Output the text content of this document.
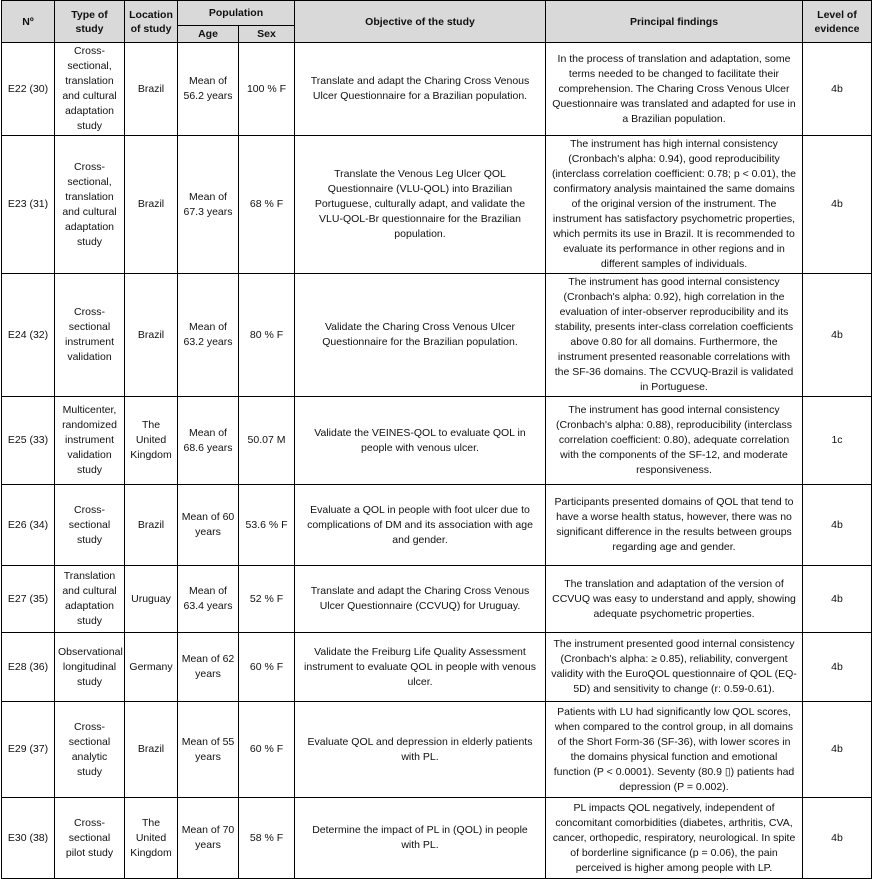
Nº	Type of study	Location of study	Population		Objective of the study	Principal findings	Level of evidence
			Age	Sex			
E22 (30)	Cross-sectional, translation and cultural adaptation study	Brazil	Mean of 56.2 years	100 % F	Translate and adapt the Charing Cross Venous Ulcer Questionnaire for a Brazilian population.	In the process of translation and adaptation, some terms needed to be changed to facilitate their comprehension. The Charing Cross Venous Ulcer Questionnaire was translated and adapted for use in a Brazilian population.	4b
E23 (31)	Cross-sectional, translation and cultural adaptation study	Brazil	Mean of 67.3 years	68 % F	Translate the Venous Leg Ulcer QOL Questionnaire (VLU-QOL) into Brazilian Portuguese, culturally adapt, and validate the VLU-QOL-Br questionnaire for the Brazilian population.	The instrument has high internal consistency (Cronbach's alpha: 0.94), good reproducibility (interclass correlation coefficient: 0.78; p < 0.01), the confirmatory analysis maintained the same domains of the original version of the instrument. The instrument has satisfactory psychometric properties, which permits its use in Brazil. It is recommended to evaluate its performance in other regions and in different samples of individuals.	4b
E24 (32)	Cross-sectional instrument validation	Brazil	Mean of 63.2 years	80 % F	Validate the Charing Cross Venous Ulcer Questionnaire for the Brazilian population.	The instrument has good internal consistency (Cronbach's alpha: 0.92), high correlation in the evaluation of inter-observer reproducibility and its stability, presents inter-class correlation coefficients above 0.80 for all domains. Furthermore, the instrument presented reasonable correlations with the SF-36 domains. The CCVUQ-Brazil is validated in Portuguese.	4b
E25 (33)	Multicenter, randomized instrument validation study	The United Kingdom	Mean of 68.6 years	50.07 M	Validate the VEINES-QOL to evaluate QOL in people with venous ulcer.	The instrument has good internal consistency (Cronbach's alpha: 0.88), reproducibility (interclass correlation coefficient: 0.80), adequate correlation with the components of the SF-12, and moderate responsiveness.	1c
E26 (34)	Cross-sectional study	Brazil	Mean of 60 years	53.6 % F	Evaluate a QOL in people with foot ulcer due to complications of DM and its association with age and gender.	Participants presented domains of QOL that tend to have a worse health status, however, there was no significant difference in the results between groups regarding age and gender.	4b
E27 (35)	Translation and cultural adaptation study	Uruguay	Mean of 63.4 years	52 % F	Translate and adapt the Charing Cross Venous Ulcer Questionnaire (CCVUQ) for Uruguay.	The translation and adaptation of the version of CCVUQ was easy to understand and apply, showing adequate psychometric properties.	4b
E28 (36)	Observational longitudinal study	Germany	Mean of 62 years	60 % F	Validate the Freiburg Life Quality Assessment instrument to evaluate QOL in people with venous ulcer.	The instrument presented good internal consistency (Cronbach's alpha: ≥ 0.85), reliability, convergent validity with the EuroQOL questionnaire of QOL (EQ-5D) and sensitivity to change (r: 0.59-0.61).	4b
E29 (37)	Cross-sectional analytic study	Brazil	Mean of 55 years	60 % F	Evaluate QOL and depression in elderly patients with PL.	Patients with LU had significantly low QOL scores, when compared to the control group, in all domains of the Short Form-36 (SF-36), with lower scores in the domains physical function and emotional function (P < 0.0001). Seventy (80.9 ▯) patients had depression (P = 0.002).	4b
E30 (38)	Cross-sectional pilot study	The United Kingdom	Mean of 70 years	58 % F	Determine the impact of PL in (QOL) in people with PL.	PL impacts QOL negatively, independent of concomitant comorbidities (diabetes, arthritis, CVA, cancer, orthopedic, respiratory, neurological. In spite of borderline significance (p = 0.06), the pain perceived is higher among people with LP.	4b
